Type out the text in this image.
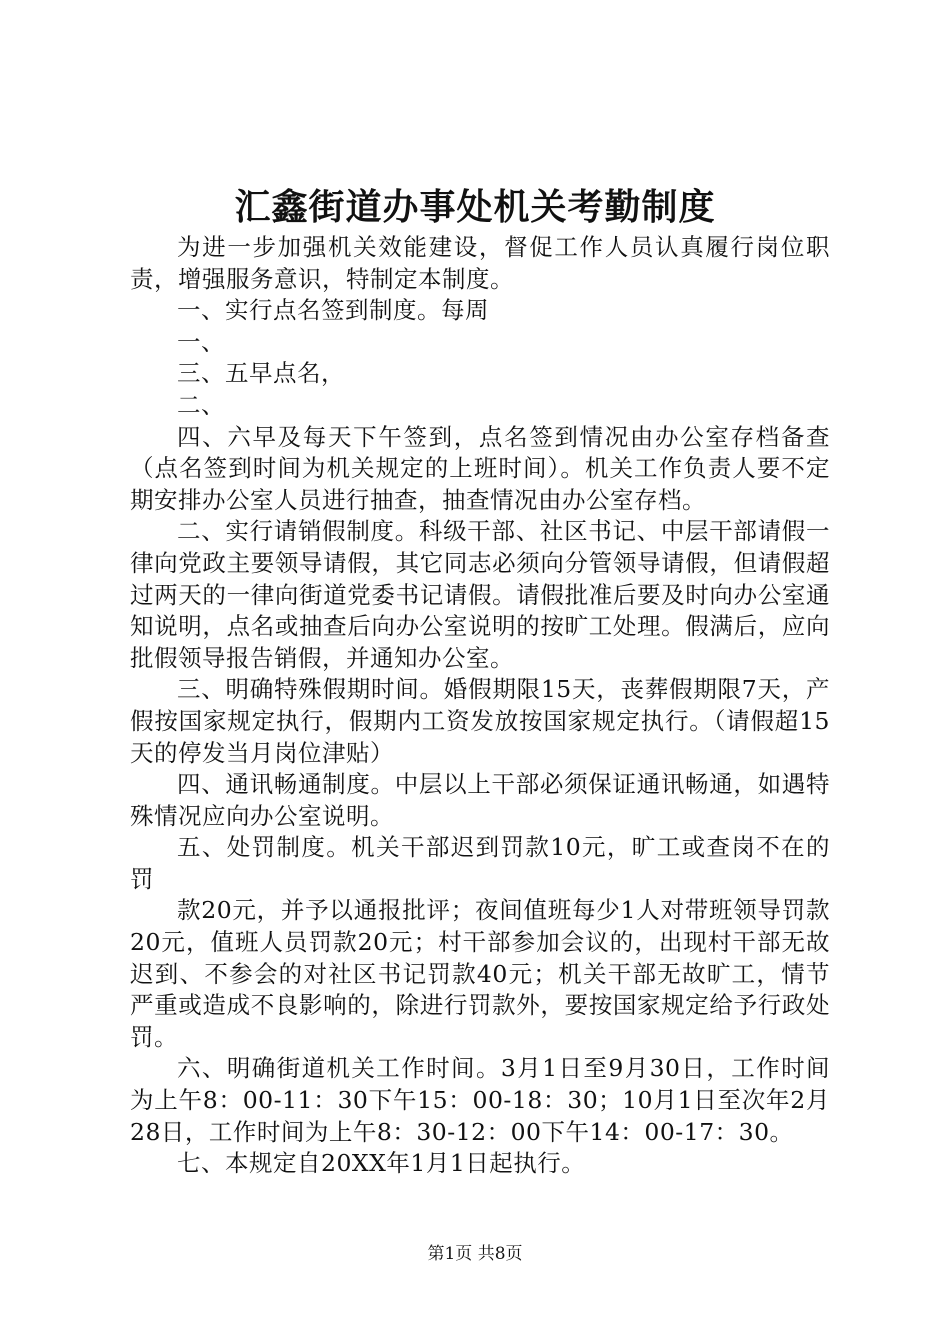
汇鑫街道办事处机关考勤制度

为进一步加强机关效能建设，督促工作人员认真履行岗位职责，增强服务意识，特制定本制度。

一、实行点名签到制度。每周

一、

三、五早点名，

二、

四、六早及每天下午签到，点名签到情况由办公室存档备查（点名签到时间为机关规定的上班时间）。机关工作负责人要不定期安排办公室人员进行抽查，抽查情况由办公室存档。

二、实行请销假制度。科级干部、社区书记、中层干部请假一律向党政主要领导请假，其它同志必须向分管领导请假，但请假超过两天的一律向街道党委书记请假。请假批准后要及时向办公室通知说明，点名或抽查后向办公室说明的按旷工处理。假满后，应向批假领导报告销假，并通知办公室。

三、明确特殊假期时间。婚假期限15天，丧葬假期限7天，产假按国家规定执行，假期内工资发放按国家规定执行。（请假超15天的停发当月岗位津贴）

四、通讯畅通制度。中层以上干部必须保证通讯畅通，如遇特殊情况应向办公室说明。

五、处罚制度。机关干部迟到罚款10元，旷工或查岗不在的罚

款20元，并予以通报批评；夜间值班每少1人对带班领导罚款20元，值班人员罚款20元；村干部参加会议的，出现村干部无故迟到、不参会的对社区书记罚款40元；机关干部无故旷工，情节严重或造成不良影响的，除进行罚款外，要按国家规定给予行政处罚。

六、明确街道机关工作时间。3月1日至9月30日，工作时间为上午8：00-11：30下午15：00-18：30；10月1日至次年2月28日，工作时间为上午8：30-12：00下午14：00-17：30。

七、本规定自20XX年1月1日起执行。

第1页 共8页
